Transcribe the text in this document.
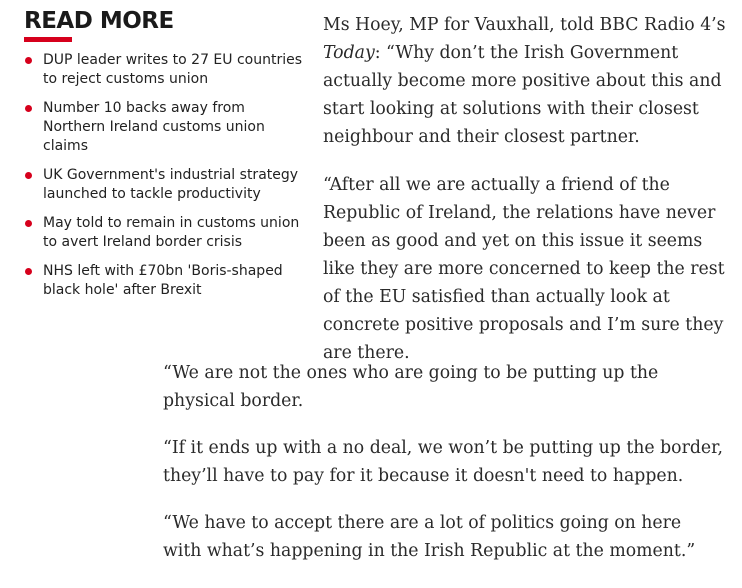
READ MORE
DUP leader writes to 27 EU countries to reject customs union
Number 10 backs away from Northern Ireland customs union claims
UK Government's industrial strategy launched to tackle productivity
May told to remain in customs union to avert Ireland border crisis
NHS left with £70bn 'Boris-shaped black hole' after Brexit

Ms Hoey, MP for Vauxhall, told BBC Radio 4’s Today: “Why don’t the Irish Government actually become more positive about this and start looking at solutions with their closest neighbour and their closest partner.

“After all we are actually a friend of the Republic of Ireland, the relations have never been as good and yet on this issue it seems like they are more concerned to keep the rest of the EU satisfied than actually look at concrete positive proposals and I’m sure they are there.

“We are not the ones who are going to be putting up the physical border.

“If it ends up with a no deal, we won’t be putting up the border, they’ll have to pay for it because it doesn't need to happen.

“We have to accept there are a lot of politics going on here with what’s happening in the Irish Republic at the moment.”
